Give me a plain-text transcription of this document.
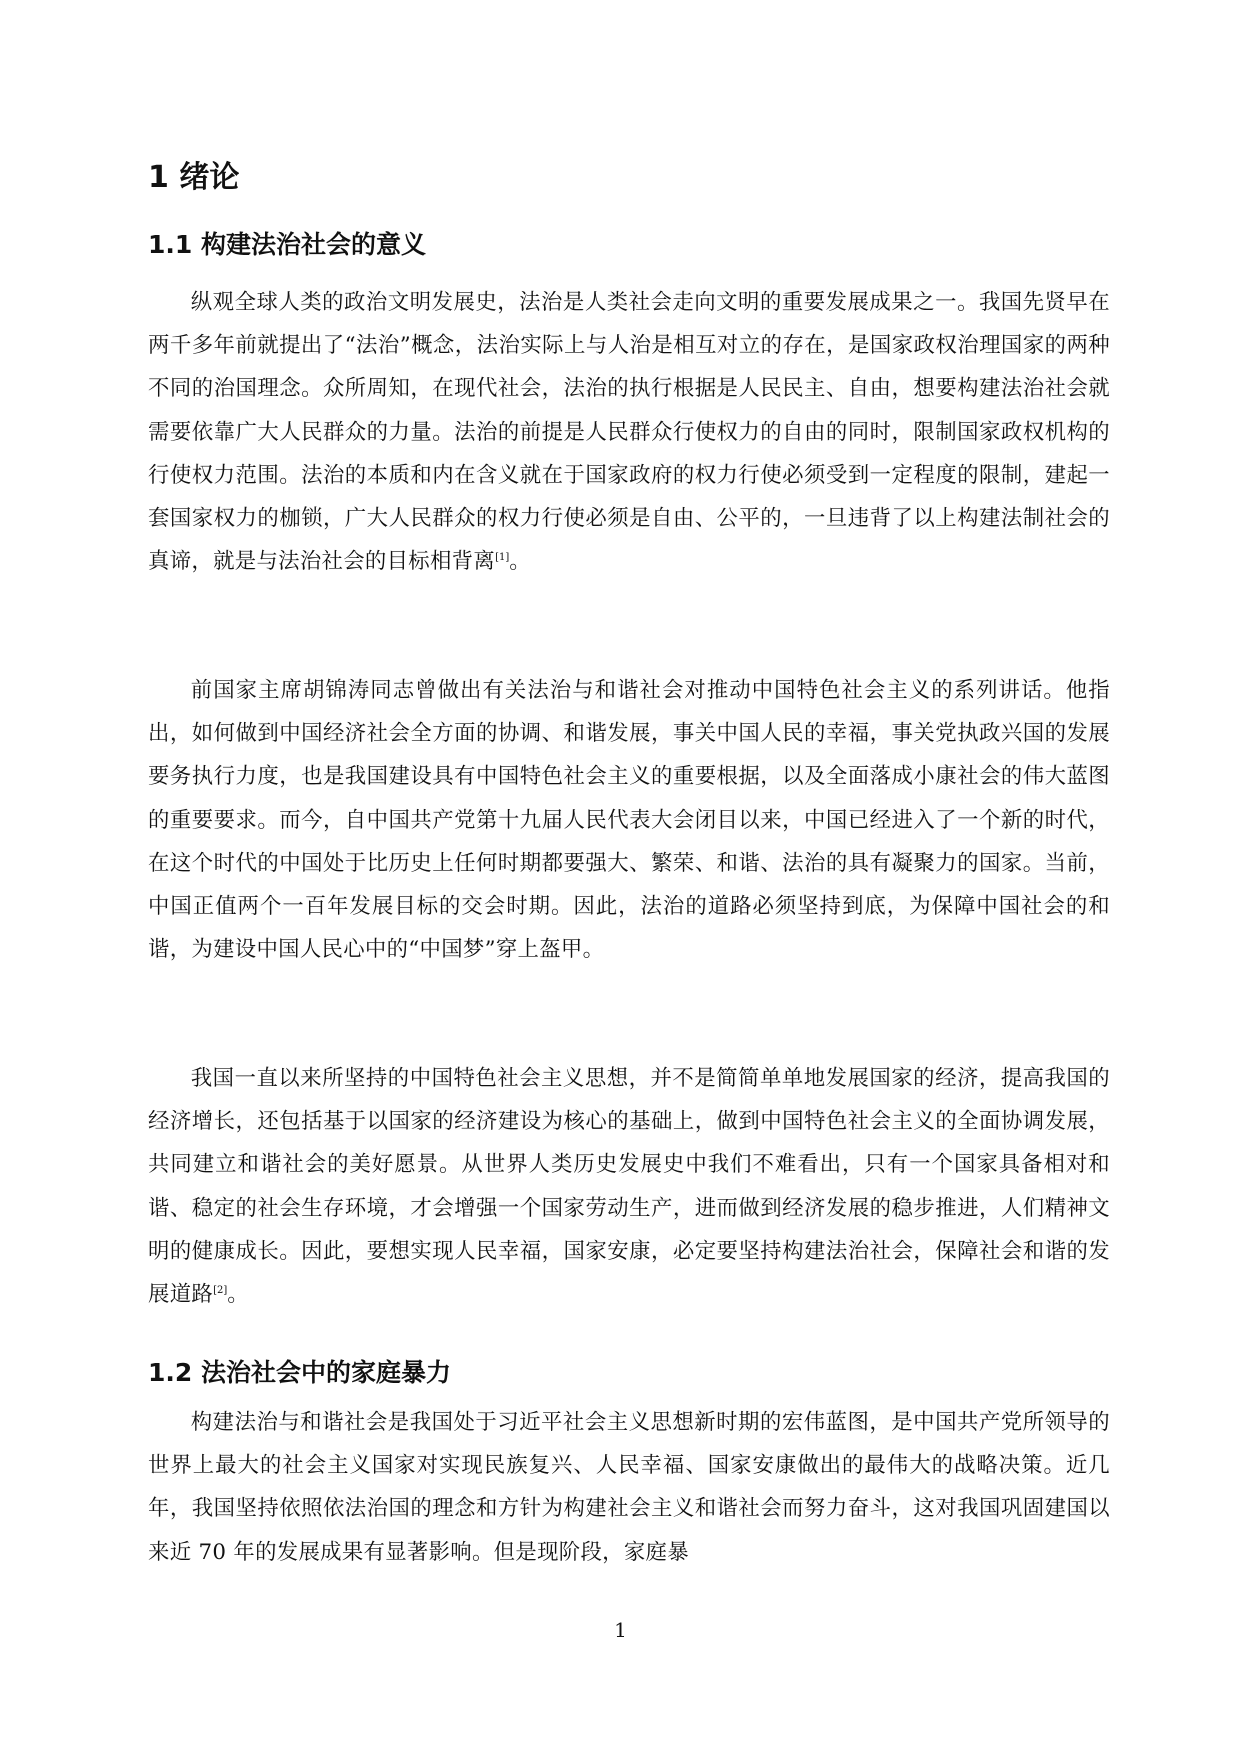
1 绪论
1.1 构建法治社会的意义

纵观全球人类的政治文明发展史，法治是人类社会走向文明的重要发展成果之一。我国先贤早在两千多年前就提出了“法治”概念，法治实际上与人治是相互对立的存在，是国家政权治理国家的两种不同的治国理念。众所周知，在现代社会，法治的执行根据是人民民主、自由，想要构建法治社会就需要依靠广大人民群众的力量。法治的前提是人民群众行使权力的自由的同时，限制国家政权机构的行使权力范围。法治的本质和内在含义就在于国家政府的权力行使必须受到一定程度的限制，建起一套国家权力的枷锁，广大人民群众的权力行使必须是自由、公平的，一旦违背了以上构建法制社会的真谛，就是与法治社会的目标相背离[1]。

前国家主席胡锦涛同志曾做出有关法治与和谐社会对推动中国特色社会主义的系列讲话。他指出，如何做到中国经济社会全方面的协调、和谐发展，事关中国人民的幸福，事关党执政兴国的发展要务执行力度，也是我国建设具有中国特色社会主义的重要根据，以及全面落成小康社会的伟大蓝图的重要要求。而今，自中国共产党第十九届人民代表大会闭目以来，中国已经进入了一个新的时代，在这个时代的中国处于比历史上任何时期都要强大、繁荣、和谐、法治的具有凝聚力的国家。当前，中国正值两个一百年发展目标的交会时期。因此，法治的道路必须坚持到底，为保障中国社会的和谐，为建设中国人民心中的“中国梦”穿上盔甲。

我国一直以来所坚持的中国特色社会主义思想，并不是简简单单地发展国家的经济，提高我国的经济增长，还包括基于以国家的经济建设为核心的基础上，做到中国特色社会主义的全面协调发展，共同建立和谐社会的美好愿景。从世界人类历史发展史中我们不难看出，只有一个国家具备相对和谐、稳定的社会生存环境，才会增强一个国家劳动生产，进而做到经济发展的稳步推进，人们精神文明的健康成长。因此，要想实现人民幸福，国家安康，必定要坚持构建法治社会，保障社会和谐的发展道路[2]。

1.2 法治社会中的家庭暴力

构建法治与和谐社会是我国处于习近平社会主义思想新时期的宏伟蓝图，是中国共产党所领导的世界上最大的社会主义国家对实现民族复兴、人民幸福、国家安康做出的最伟大的战略决策。近几年，我国坚持依照依法治国的理念和方针为构建社会主义和谐社会而努力奋斗，这对我国巩固建国以来近 70 年的发展成果有显著影响。但是现阶段，家庭暴

1
